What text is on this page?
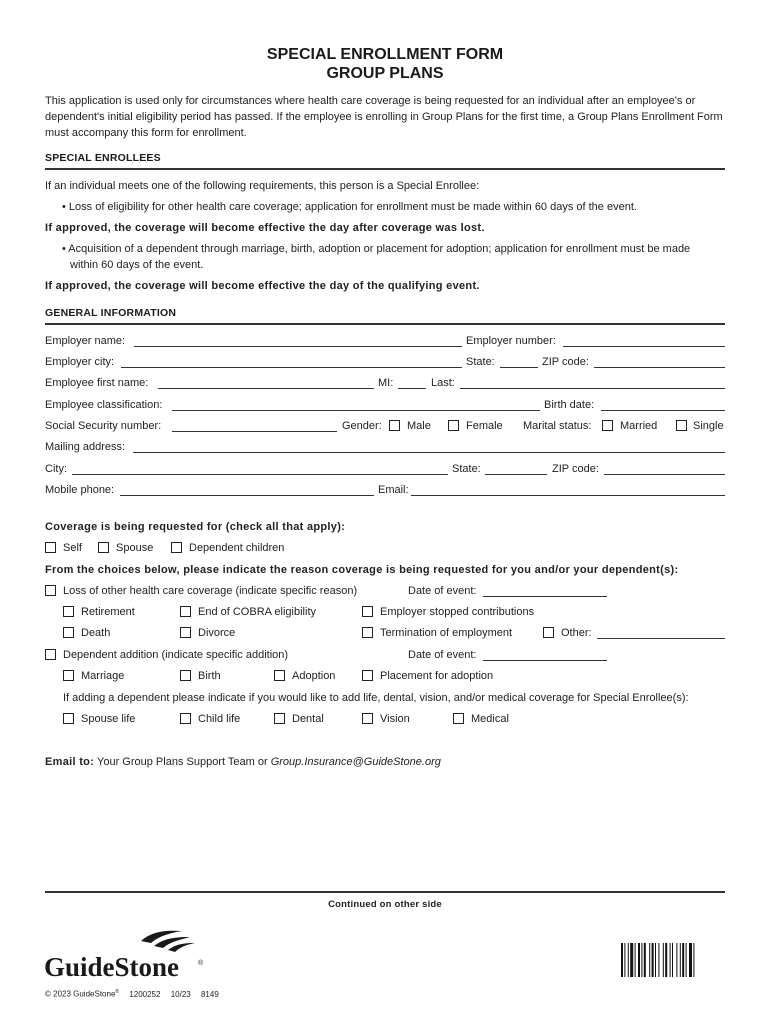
SPECIAL ENROLLMENT FORM
GROUP PLANS
This application is used only for circumstances where health care coverage is being requested for an individual after an employee's or dependent's initial eligibility period has passed. If the employee is enrolling in Group Plans for the first time, a Group Plans Enrollment Form must accompany this form for enrollment.
SPECIAL ENROLLEES
If an individual meets one of the following requirements, this person is a Special Enrollee:
• Loss of eligibility for other health care coverage; application for enrollment must be made within 60 days of the event.
If approved, the coverage will become effective the day after coverage was lost.
• Acquisition of a dependent through marriage, birth, adoption or placement for adoption; application for enrollment must be made
within 60 days of the event.
If approved, the coverage will become effective the day of the qualifying event.
GENERAL INFORMATION
Employer name:	Employer number:
Employer city:	State:	ZIP code:
Employee first name:	MI:	Last:
Employee classification:	Birth date:
Social Security number:	Gender: Male	Female Marital status:	Married	Single
Mailing address:
City:	State:	ZIP code:
Mobile phone:	Email:
Coverage is being requested for (check all that apply):
Self	Spouse	Dependent children
From the choices below, please indicate the reason coverage is being requested for you and/or your dependent(s):
Loss of other health care coverage (indicate specific reason)	Date of event:
Retirement	End of COBRA eligibility	Employer stopped contributions
Death	Divorce	Termination of employment	Other:
Dependent addition (indicate specific addition)	Date of event:
Marriage	Birth	Adoption	Placement for adoption
If adding a dependent please indicate if you would like to add life, dental, vision, and/or medical coverage for Special Enrollee(s):
Spouse life	Child life	Dental	Vision	Medical
Email to: Your Group Plans Support Team or Group.Insurance@GuideStone.org
Continued on other side
GuideStone	®
© 2023 GuideStone® 1200252 10/23 8149
